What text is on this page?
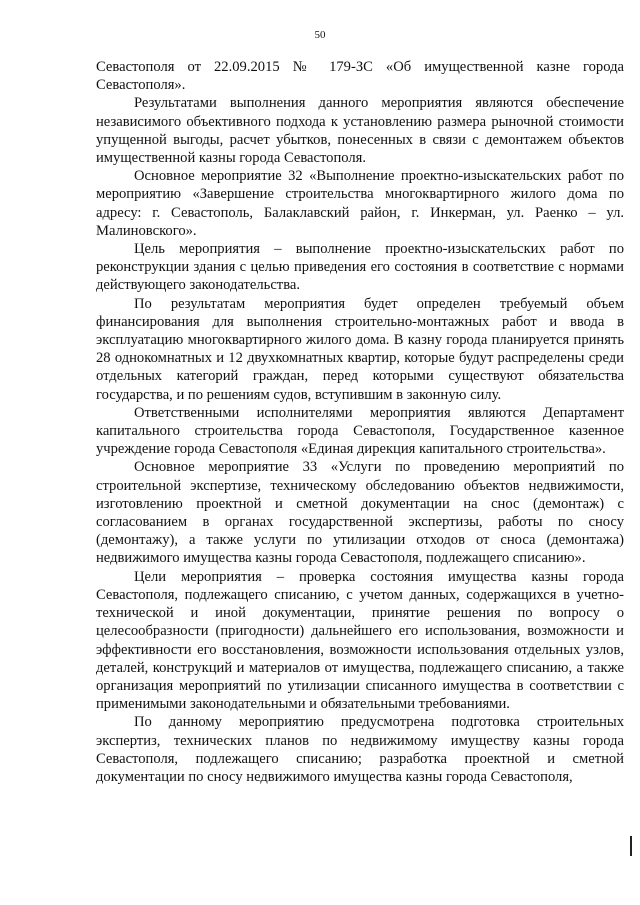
50

Севастополя от 22.09.2015 № 179-ЗС «Об имущественной казне города Севастополя».

Результатами выполнения данного мероприятия являются обеспечение независимого объективного подхода к установлению размера рыночной стоимости упущенной выгоды, расчет убытков, понесенных в связи с демонтажем объектов имущественной казны города Севастополя.

Основное мероприятие 32 «Выполнение проектно-изыскательских работ по мероприятию «Завершение строительства многоквартирного жилого дома по адресу: г. Севастополь, Балаклавский район, г. Инкерман, ул. Раенко – ул. Малиновского».

Цель мероприятия – выполнение проектно-изыскательских работ по реконструкции здания с целью приведения его состояния в соответствие с нормами действующего законодательства.

По результатам мероприятия будет определен требуемый объем финансирования для выполнения строительно-монтажных работ и ввода в эксплуатацию многоквартирного жилого дома. В казну города планируется принять 28 однокомнатных и 12 двухкомнатных квартир, которые будут распределены среди отдельных категорий граждан, перед которыми существуют обязательства государства, и по решениям судов, вступившим в законную силу.

Ответственными исполнителями мероприятия являются Департамент капитального строительства города Севастополя, Государственное казенное учреждение города Севастополя «Единая дирекция капитального строительства».

Основное мероприятие 33 «Услуги по проведению мероприятий по строительной экспертизе, техническому обследованию объектов недвижимости, изготовлению проектной и сметной документации на снос (демонтаж) с согласованием в органах государственной экспертизы, работы по сносу (демонтажу), а также услуги по утилизации отходов от сноса (демонтажа) недвижимого имущества казны города Севастополя, подлежащего списанию».

Цели мероприятия – проверка состояния имущества казны города Севастополя, подлежащего списанию, с учетом данных, содержащихся в учетно-технической и иной документации, принятие решения по вопросу о целесообразности (пригодности) дальнейшего его использования, возможности и эффективности его восстановления, возможности использования отдельных узлов, деталей, конструкций и материалов от имущества, подлежащего списанию, а также организация мероприятий по утилизации списанного имущества в соответствии с применимыми законодательными и обязательными требованиями.

По данному мероприятию предусмотрена подготовка строительных экспертиз, технических планов по недвижимому имуществу казны города Севастополя, подлежащего списанию; разработка проектной и сметной документации по сносу недвижимого имущества казны города Севастополя,
